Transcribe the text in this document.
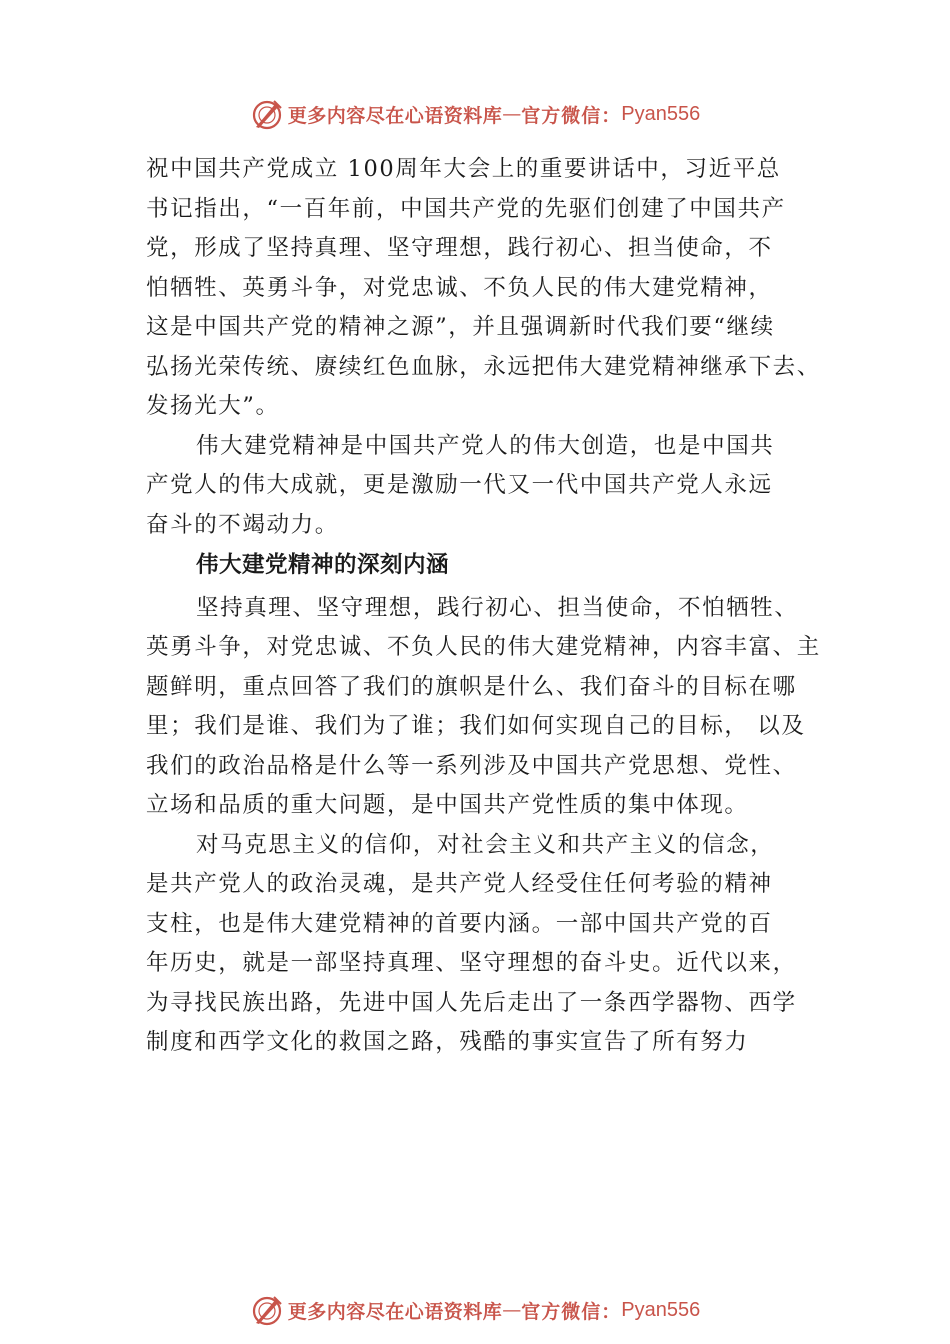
更多内容尽在心语资料库 — 官方微信： Pyan556
祝中国共产党成立 100周年大会上的重要讲话中，习近平总
书记指出，“一百年前，中国共产党的先驱们创建了中国共产
党，形成了坚持真理、坚守理想，践行初心、担当使命，不
怕牺牲、英勇斗争，对党忠诚、不负人民的伟大建党精神，
这是中国共产党的精神之源”，并且强调新时代我们要“继续
弘扬光荣传统、赓续红色血脉，永远把伟大建党精神继承下去、
发扬光大”。
伟大建党精神是中国共产党人的伟大创造，也是中国共
产党人的伟大成就，更是激励一代又一代中国共产党人永远
奋斗的不竭动力。
伟大建党精神的深刻内涵
坚持真理、坚守理想，践行初心、担当使命，不怕牺牲、
英勇斗争，对党忠诚、不负人民的伟大建党精神，内容丰富、主
题鲜明，重点回答了我们的旗帜是什么、我们奋斗的目标在哪
里；我们是谁、我们为了谁；我们如何实现自己的目标， 以及
我们的政治品格是什么等一系列涉及中国共产党思想、党性、
立场和品质的重大问题，是中国共产党性质的集中体现。
对马克思主义的信仰，对社会主义和共产主义的信念，
是共产党人的政治灵魂，是共产党人经受住任何考验的精神
支柱，也是伟大建党精神的首要内涵。一部中国共产党的百
年历史，就是一部坚持真理、坚守理想的奋斗史。近代以来，
为寻找民族出路，先进中国人先后走出了一条西学器物、西学
制度和西学文化的救国之路，残酷的事实宣告了所有努力
更多内容尽在心语资料库 — 官方微信： Pyan556
